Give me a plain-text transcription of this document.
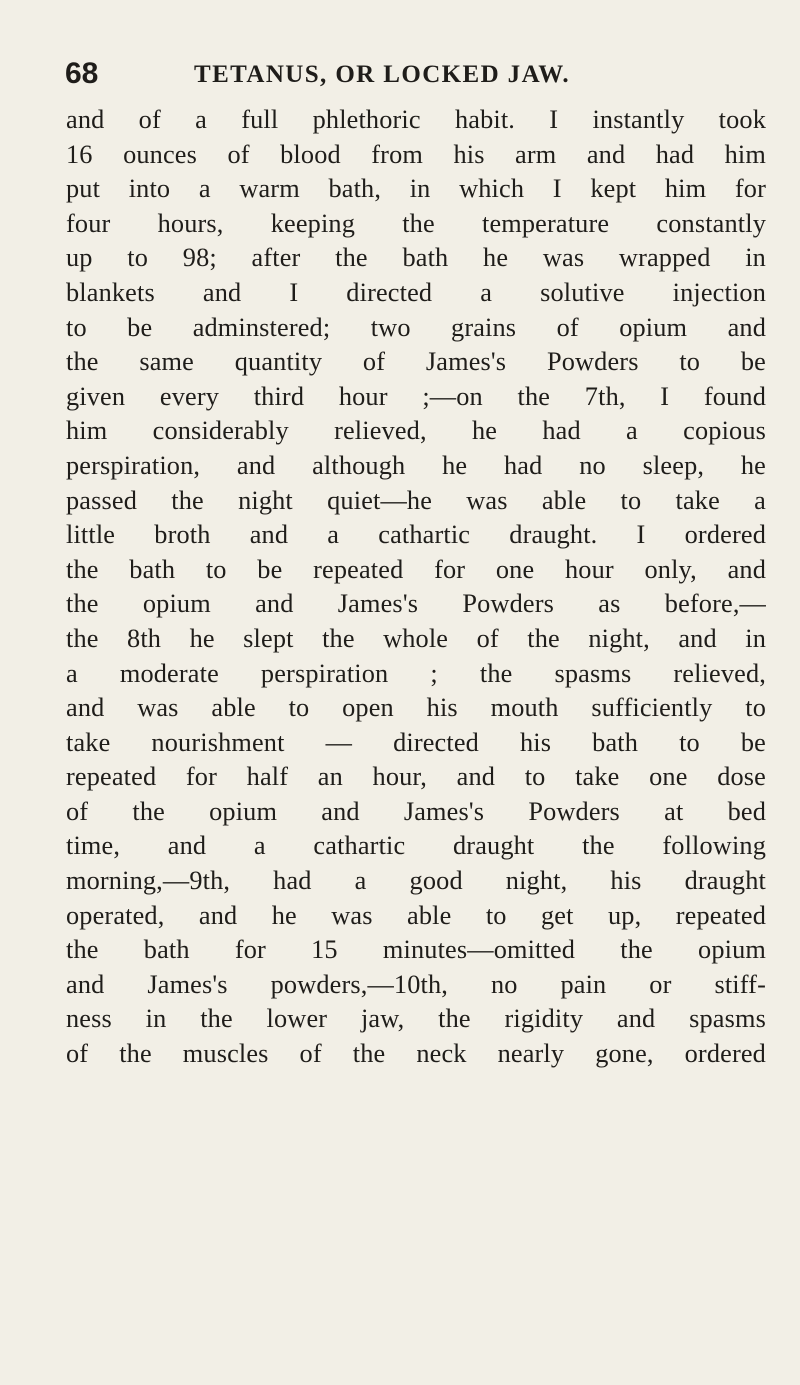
68	TETANUS, OR LOCKED JAW.
and of a full phlethoric habit. I instantly took
16 ounces of blood from his arm and had him
put into a warm bath, in which I kept him for
four hours, keeping the temperature constantly
up to 98; after the bath he was wrapped in
blankets and I directed a solutive injection
to be adminstered; two grains of opium and
the same quantity of James's Powders to be
given every third hour ;—on the 7th, I found
him considerably relieved, he had a copious
perspiration, and although he had no sleep, he
passed the night quiet—he was able to take a
little broth and a cathartic draught. I ordered
the bath to be repeated for one hour only, and
the opium and James's Powders as before,—
the 8th he slept the whole of the night, and in
a moderate perspiration ; the spasms relieved,
and was able to open his mouth sufficiently to
take nourishment — directed his bath to be
repeated for half an hour, and to take one dose
of the opium and James's Powders at bed
time, and a cathartic draught the following
morning,—9th, had a good night, his draught
operated, and he was able to get up, repeated
the bath for 15 minutes—omitted the opium
and James's powders,—10th, no pain or stiff-
ness in the lower jaw, the rigidity and spasms
of the muscles of the neck nearly gone, ordered
